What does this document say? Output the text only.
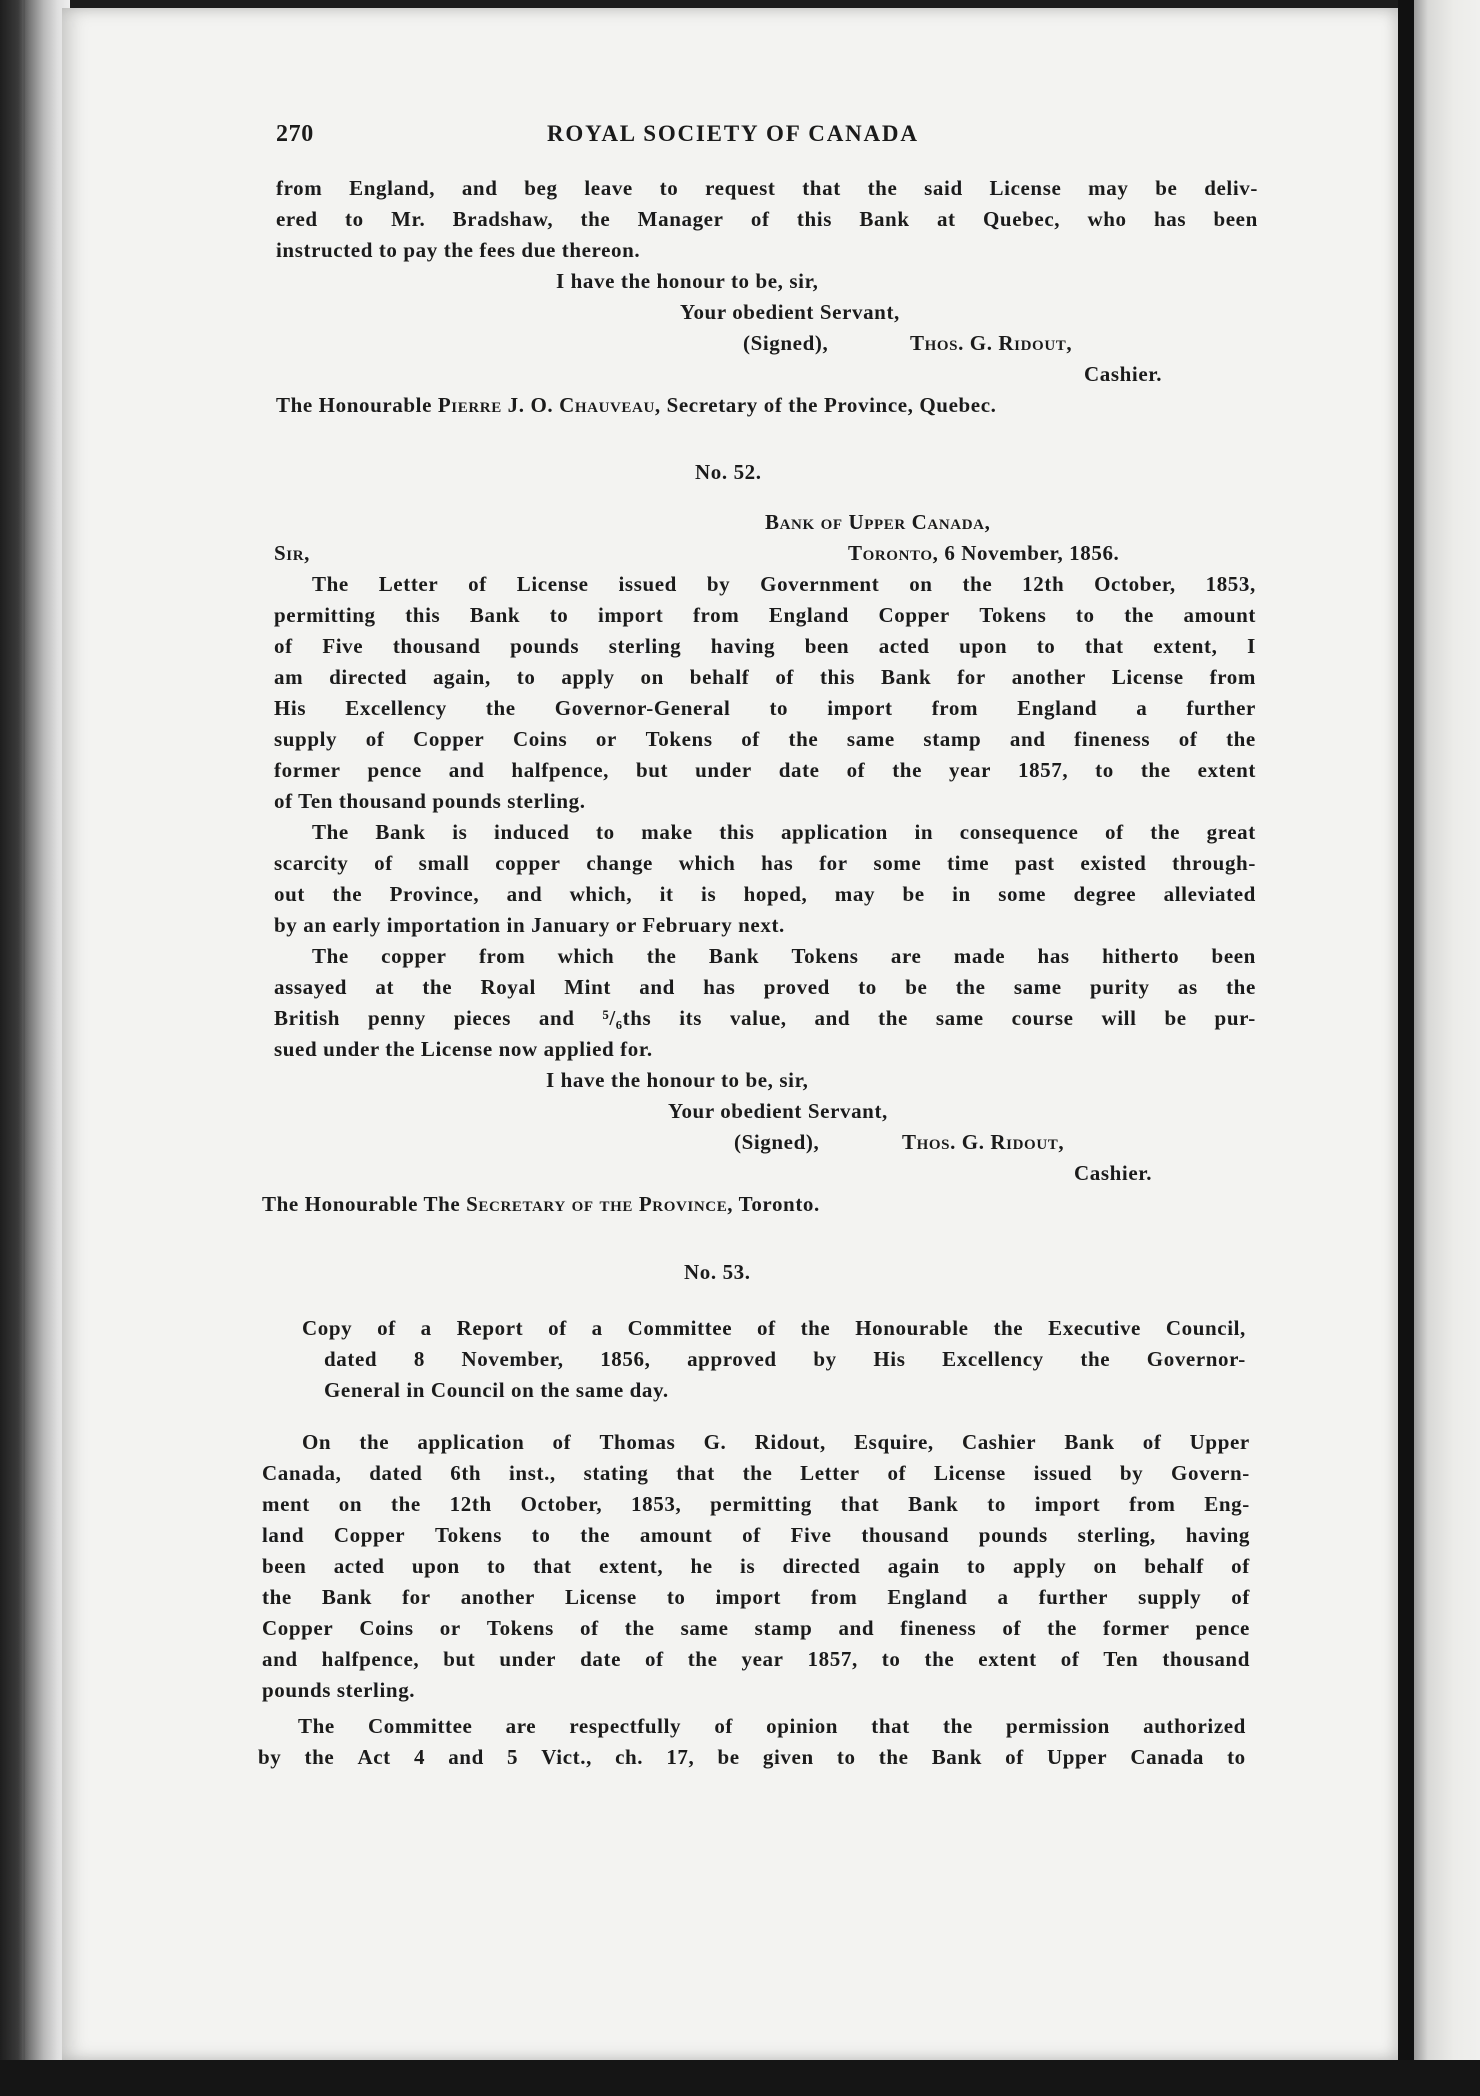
270	ROYAL SOCIETY OF CANADA
from England, and beg leave to request that the said License may be deliv-
ered to Mr. Bradshaw, the Manager of this Bank at Quebec, who has been
instructed to pay the fees due thereon.
I have the honour to be, sir,
Your obedient Servant,
(Signed),	Thos. G. Ridout,
Cashier.
The Honourable Pierre J. O. Chauveau, Secretary of the Province, Quebec.
No. 52.
Bank of Upper Canada,
Sir,	Toronto, 6 November, 1856.
The Letter of License issued by Government on the 12th October, 1853,
permitting this Bank to import from England Copper Tokens to the amount
of Five thousand pounds sterling having been acted upon to that extent, I
am directed again, to apply on behalf of this Bank for another License from
His Excellency the Governor-General to import from England a further
supply of Copper Coins or Tokens of the same stamp and fineness of the
former pence and halfpence, but under date of the year 1857, to the extent
of Ten thousand pounds sterling.
The Bank is induced to make this application in consequence of the great
scarcity of small copper change which has for some time past existed through-
out the Province, and which, it is hoped, may be in some degree alleviated
by an early importation in January or February next.
The copper from which the Bank Tokens are made has hitherto been
assayed at the Royal Mint and has proved to be the same purity as the
British penny pieces and ⁵/₆ths its value, and the same course will be pur-
sued under the License now applied for.
I have the honour to be, sir,
Your obedient Servant,
(Signed),	Thos. G. Ridout,
Cashier.
The Honourable The Secretary of the Province, Toronto.
No. 53.
Copy of a Report of a Committee of the Honourable the Executive Council,
dated 8 November, 1856, approved by His Excellency the Governor-
General in Council on the same day.
On the application of Thomas G. Ridout, Esquire, Cashier Bank of Upper
Canada, dated 6th inst., stating that the Letter of License issued by Govern-
ment on the 12th October, 1853, permitting that Bank to import from Eng-
land Copper Tokens to the amount of Five thousand pounds sterling, having
been acted upon to that extent, he is directed again to apply on behalf of
the Bank for another License to import from England a further supply of
Copper Coins or Tokens of the same stamp and fineness of the former pence
and halfpence, but under date of the year 1857, to the extent of Ten thousand
pounds sterling.
The Committee are respectfully of opinion that the permission authorized
by the Act 4 and 5 Vict., ch. 17, be given to the Bank of Upper Canada to
